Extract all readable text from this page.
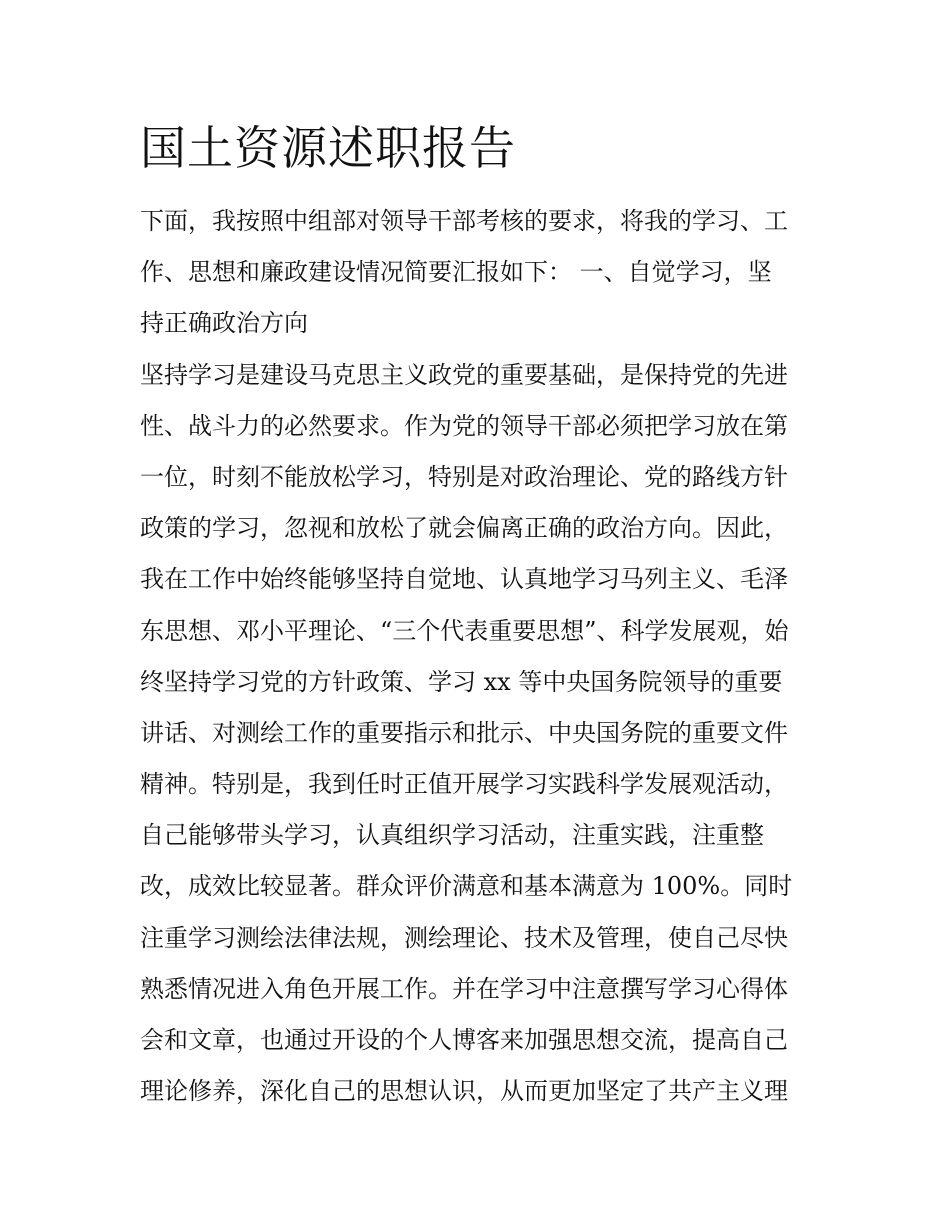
国土资源述职报告
下面，我按照中组部对领导干部考核的要求，将我的学习、工
作、思想和廉政建设情况简要汇报如下： 一、自觉学习，坚
持正确政治方向
坚持学习是建设马克思主义政党的重要基础，是保持党的先进
性、战斗力的必然要求。作为党的领导干部必须把学习放在第
一位，时刻不能放松学习，特别是对政治理论、党的路线方针
政策的学习，忽视和放松了就会偏离正确的政治方向。因此，
我在工作中始终能够坚持自觉地、认真地学习马列主义、毛泽
东思想、邓小平理论、“三个代表重要思想”、科学发展观，始
终坚持学习党的方针政策、学习 xx 等中央国务院领导的重要
讲话、对测绘工作的重要指示和批示、中央国务院的重要文件
精神。特别是，我到任时正值开展学习实践科学发展观活动，
自己能够带头学习，认真组织学习活动，注重实践，注重整
改，成效比较显著。群众评价满意和基本满意为 100%。同时
注重学习测绘法律法规，测绘理论、技术及管理，使自己尽快
熟悉情况进入角色开展工作。并在学习中注意撰写学习心得体
会和文章，也通过开设的个人博客来加强思想交流，提高自己
理论修养，深化自己的思想认识，从而更加坚定了共产主义理
